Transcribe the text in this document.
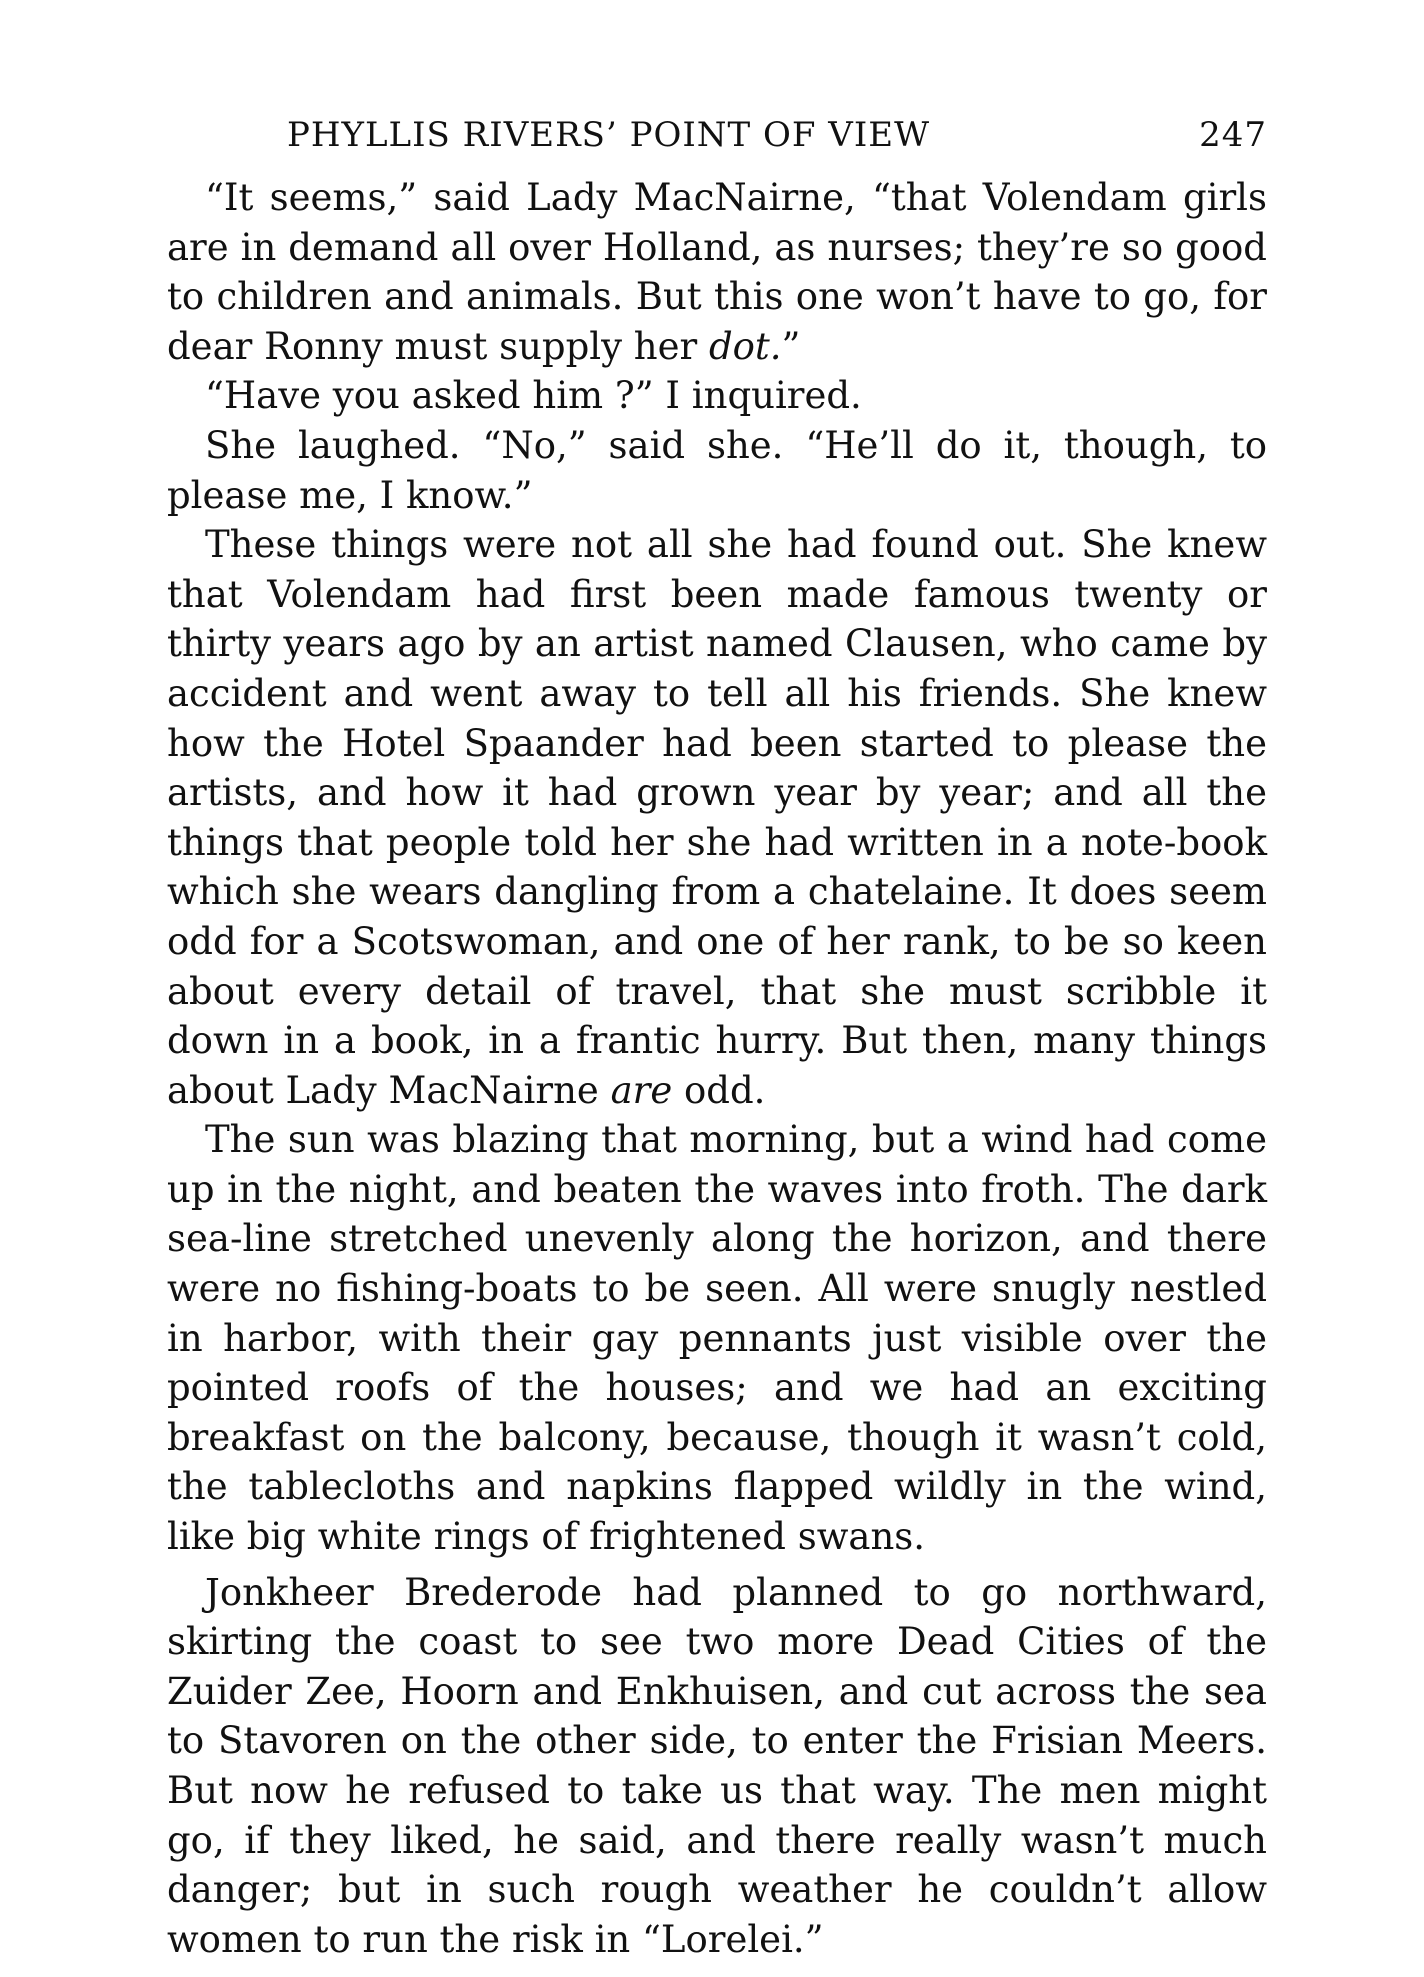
PHYLLIS RIVERS’ POINT OF VIEW	247

“It seems,” said Lady MacNairne, “that Volendam girls are in demand all over Holland, as nurses; they’re so good to children and animals. But this one won’t have to go, for dear Ronny must supply her dot.”

“Have you asked him ?” I inquired.

She laughed. “No,” said she. “He’ll do it, though, to please me, I know.”

These things were not all she had found out. She knew that Volendam had first been made famous twenty or thirty years ago by an artist named Clausen, who came by accident and went away to tell all his friends. She knew how the Hotel Spaander had been started to please the artists, and how it had grown year by year; and all the things that people told her she had written in a note-book which she wears dangling from a chatelaine. It does seem odd for a Scotswoman, and one of her rank, to be so keen about every detail of travel, that she must scribble it down in a book, in a frantic hurry. But then, many things about Lady MacNairne are odd.

The sun was blazing that morning, but a wind had come up in the night, and beaten the waves into froth. The dark sea-line stretched unevenly along the horizon, and there were no fishing-boats to be seen. All were snugly nestled in harbor, with their gay pennants just visible over the pointed roofs of the houses; and we had an exciting breakfast on the balcony, because, though it wasn’t cold, the tablecloths and napkins flapped wildly in the wind, like big white rings of frightened swans.

Jonkheer Brederode had planned to go northward, skirting the coast to see two more Dead Cities of the Zuider Zee, Hoorn and Enkhuisen, and cut across the sea to Stavoren on the other side, to enter the Frisian Meers. But now he refused to take us that way. The men might go, if they liked, he said, and there really wasn’t much danger; but in such rough weather he couldn’t allow women to run the risk in “Lorelei.”
